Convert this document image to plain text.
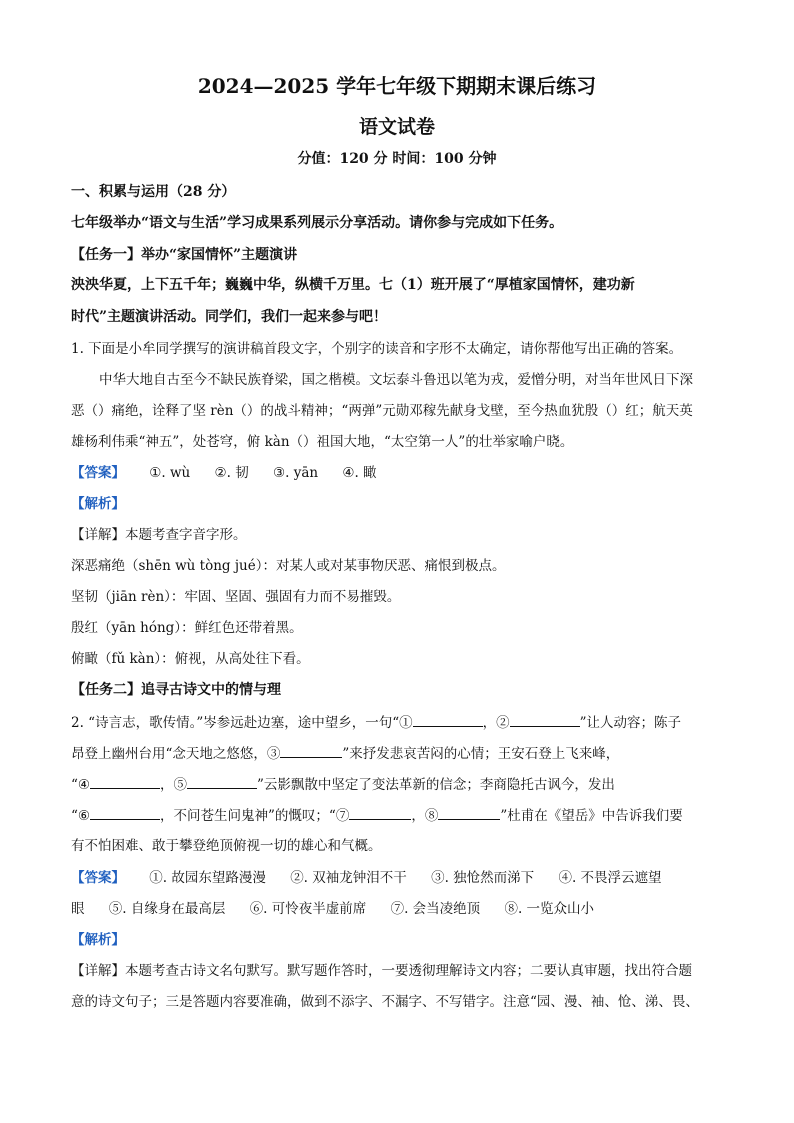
2024—2025 学年七年级下期期末课后练习
语文试卷
分值：120 分 时间：100 分钟
一、积累与运用（28 分）
七年级举办“语文与生活”学习成果系列展示分享活动。请你参与完成如下任务。
【任务一】举办“家国情怀”主题演讲
泱泱华夏，上下五千年；巍巍中华，纵横千万里。七（1）班开展了“厚植家国情怀，建功新
时代”主题演讲活动。同学们，我们一起来参与吧！
1. 下面是小牟同学撰写的演讲稿首段文字，个别字的读音和字形不太确定，请你帮他写出正确的答案。
中华大地自古至今不缺民族脊梁，国之楷模。文坛泰斗鲁迅以笔为戎，爱憎分明，对当年世风日下深
恶（）痛绝，诠释了坚 rèn（）的战斗精神；“两弹”元勋邓稼先献身戈壁，至今热血犹殷（）红；航天英
雄杨利伟乘“神五”，处苍穹，俯 kàn（）祖国大地，“太空第一人”的壮举家喻户晓。
【答案】 ①. wù ②. 韧 ③. yān ④. 瞰
【解析】
【详解】本题考查字音字形。
深恶痛绝（shēn wù tòng jué）：对某人或对某事物厌恶、痛恨到极点。
坚韧（jiān rèn）：牢固、坚固、强固有力而不易摧毁。
殷红（yān hóng）：鲜红色还带着黑。
俯瞰（fǔ kàn）：俯视，从高处往下看。
【任务二】追寻古诗文中的情与理
2. “诗言志，歌传情。”岑参远赴边塞，途中望乡，一句“①	，②	”让人动容；陈子
昂登上幽州台用“念天地之悠悠，③	”来抒发悲哀苦闷的心情；王安石登上飞来峰，
“④	，⑤	”云影飘散中坚定了变法革新的信念；李商隐托古讽今，发出
“⑥	，不问苍生问鬼神”的慨叹；“⑦	，⑧	”杜甫在《望岳》中告诉我们要
有不怕困难、敢于攀登绝顶俯视一切的雄心和气概。
【答案】 ①. 故园东望路漫漫 ②. 双袖龙钟泪不干 ③. 独怆然而涕下 ④. 不畏浮云遮望
眼 ⑤. 自缘身在最高层 ⑥. 可怜夜半虚前席 ⑦. 会当凌绝顶 ⑧. 一览众山小
【解析】
【详解】本题考查古诗文名句默写。默写题作答时，一要透彻理解诗文内容；二要认真审题，找出符合题
意的诗文句子；三是答题内容要准确，做到不添字、不漏字、不写错字。注意“园、漫、袖、怆、涕、畏、
